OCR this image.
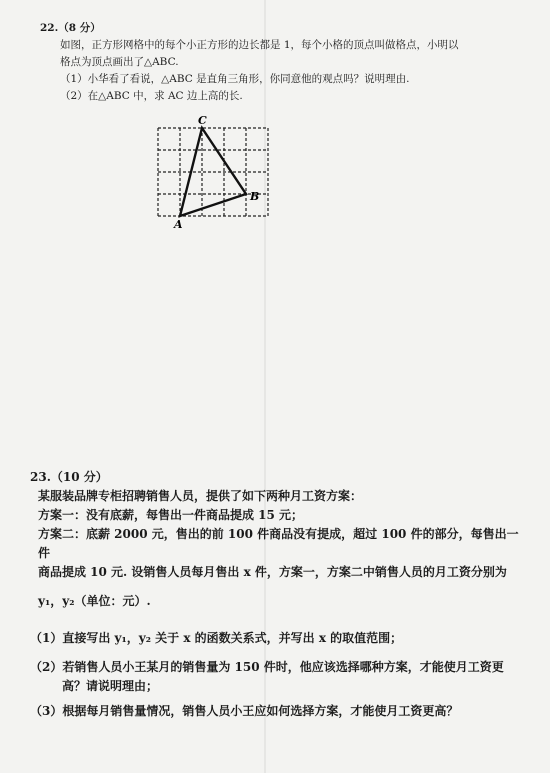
22.（8 分）

如图，正方形网格中的每个小正方形的边长都是 1，每个小格的顶点叫做格点，小明以

格点为顶点画出了△ABC.

（1）小华看了看说，△ABC 是直角三角形，你同意他的观点吗？说明理由.

（2）在△ABC 中，求 AC 边上高的长.

A
B
C

23.（10 分）

某服装品牌专柜招聘销售人员，提供了如下两种月工资方案：

方案一：没有底薪，每售出一件商品提成 15 元；

方案二：底薪 2000 元，售出的前 100 件商品没有提成，超过 100 件的部分，每售出一件

商品提成 10 元. 设销售人员每月售出 x 件，方案一，方案二中销售人员的月工资分别为

y₁，y₂（单位：元）.

（1）直接写出 y₁，y₂ 关于 x 的函数关系式，并写出 x 的取值范围；

（2）若销售人员小王某月的销售量为 150 件时，他应该选择哪种方案，才能使月工资更

高？请说明理由；

（3）根据每月销售量情况，销售人员小王应如何选择方案，才能使月工资更高？
